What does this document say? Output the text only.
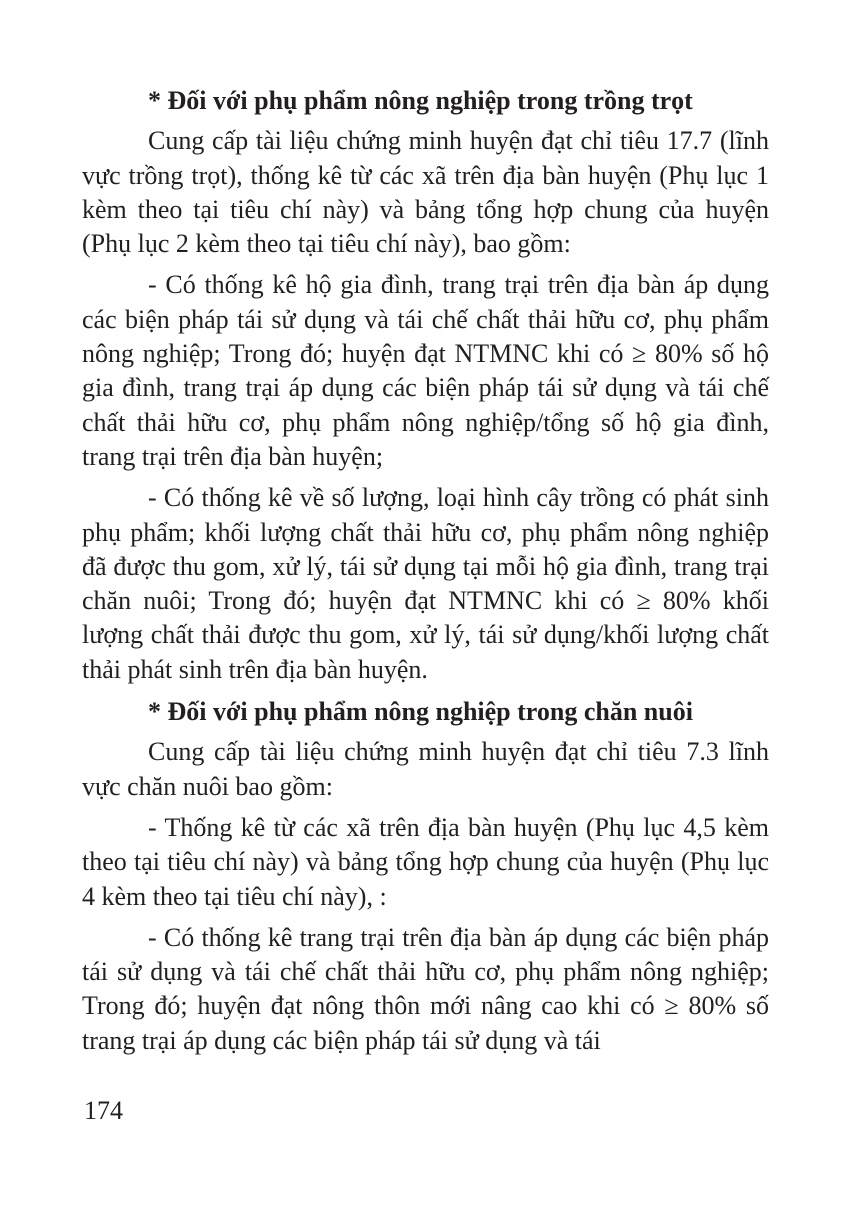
* Đối với phụ phẩm nông nghiệp trong trồng trọt

Cung cấp tài liệu chứng minh huyện đạt chỉ tiêu 17.7 (lĩnh vực trồng trọt), thống kê từ các xã trên địa bàn huyện (Phụ lục 1 kèm theo tại tiêu chí này) và bảng tổng hợp chung của huyện (Phụ lục 2 kèm theo tại tiêu chí này), bao gồm:

- Có thống kê hộ gia đình, trang trại trên địa bàn áp dụng các biện pháp tái sử dụng và tái chế chất thải hữu cơ, phụ phẩm nông nghiệp; Trong đó; huyện đạt NTMNC khi có ≥ 80% số hộ gia đình, trang trại áp dụng các biện pháp tái sử dụng và tái chế chất thải hữu cơ, phụ phẩm nông nghiệp/tổng số hộ gia đình, trang trại trên địa bàn huyện;

- Có thống kê về số lượng, loại hình cây trồng có phát sinh phụ phẩm; khối lượng chất thải hữu cơ, phụ phẩm nông nghiệp đã được thu gom, xử lý, tái sử dụng tại mỗi hộ gia đình, trang trại chăn nuôi; Trong đó; huyện đạt NTMNC khi có ≥ 80% khối lượng chất thải được thu gom, xử lý, tái sử dụng/khối lượng chất thải phát sinh trên địa bàn huyện.

* Đối với phụ phẩm nông nghiệp trong chăn nuôi

Cung cấp tài liệu chứng minh huyện đạt chỉ tiêu 7.3 lĩnh vực chăn nuôi bao gồm:

- Thống kê từ các xã trên địa bàn huyện (Phụ lục 4,5 kèm theo tại tiêu chí này) và bảng tổng hợp chung của huyện (Phụ lục 4 kèm theo tại tiêu chí này), :

- Có thống kê trang trại trên địa bàn áp dụng các biện pháp tái sử dụng và tái chế chất thải hữu cơ, phụ phẩm nông nghiệp; Trong đó; huyện đạt nông thôn mới nâng cao khi có ≥ 80% số trang trại áp dụng các biện pháp tái sử dụng và tái

174
